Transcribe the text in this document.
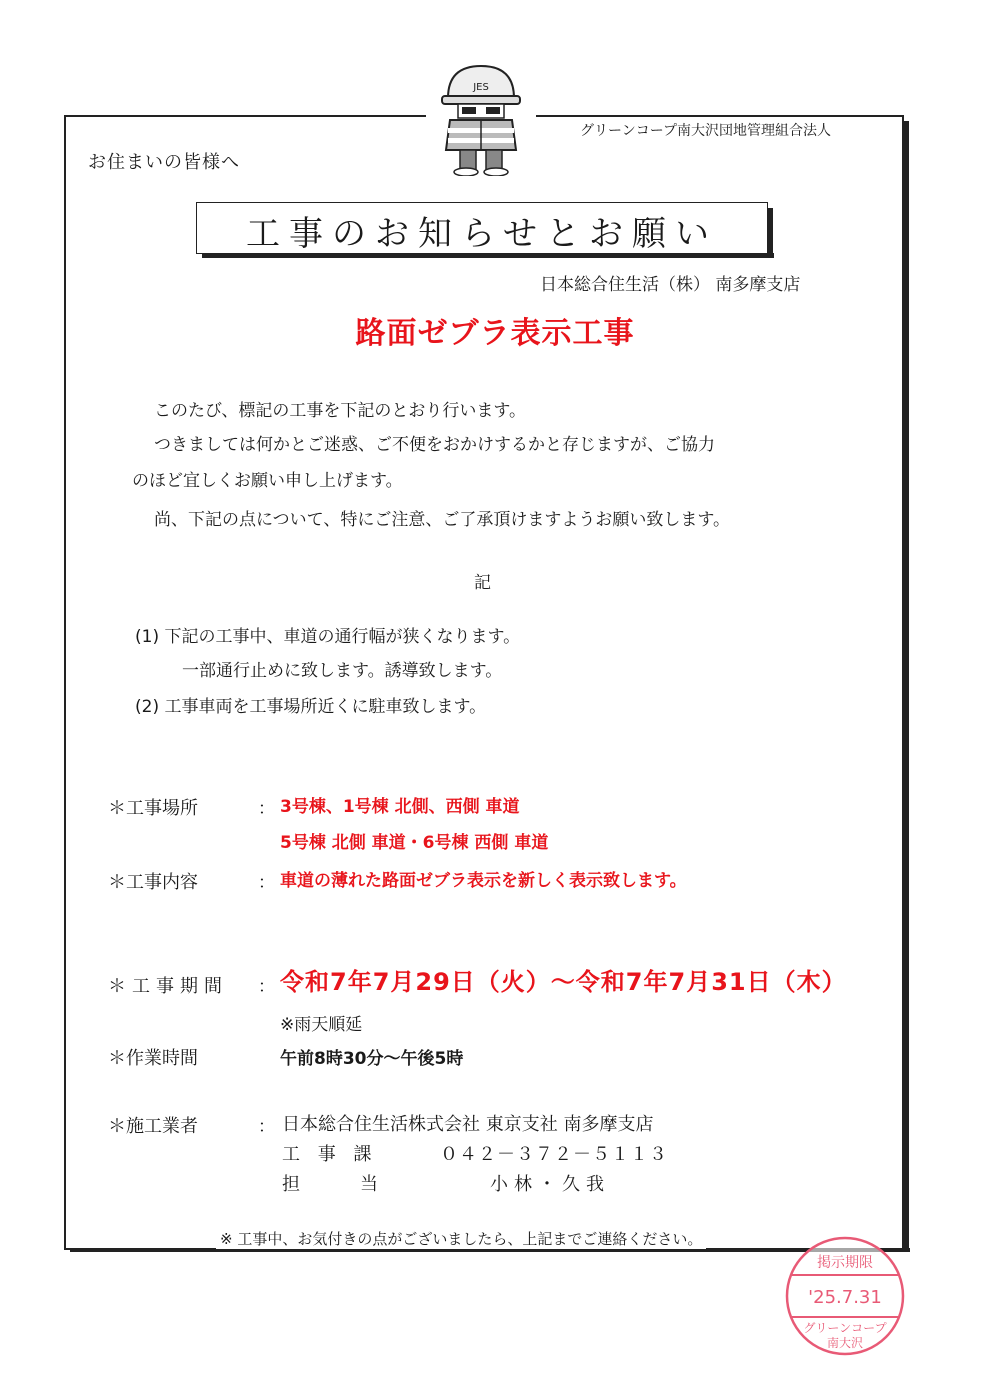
JES
お住まいの皆様へ
グリーンコープ南大沢団地管理組合法人
工事のお知らせとお願い
日本総合住生活（株） 南多摩支店
路面ゼブラ表示工事
このたび、標記の工事を下記のとおり行います。
つきましては何かとご迷惑、ご不便をおかけするかと存じますが、ご協力
のほど宜しくお願い申し上げます。
尚、下記の点について、特にご注意、ご了承頂けますようお願い致します。
記
(1) 下記の工事中、車道の通行幅が狭くなります。
一部通行止めに致します。誘導致します。
(2) 工事車両を工事場所近くに駐車致します。
＊工事場所	： 3号棟、1号棟 北側、西側 車道
5号棟 北側 車道・6号棟 西側 車道
＊工事内容	： 車道の薄れた路面ゼブラ表示を新しく表示致します。
＊工事期間 ： 令和7年7月29日（火）～令和7年7月31日（木）
※雨天順延
＊作業時間	午前8時30分～午後5時
＊施工業者	： 日本総合住生活株式会社 東京支社 南多摩支店
工 事 課	０４２－３７２－５１１３
担　　当	小林・久我
※ 工事中、お気付きの点がございましたら、上記までご連絡ください。
掲示期限
'25.7.31
グリーンコープ
南大沢
